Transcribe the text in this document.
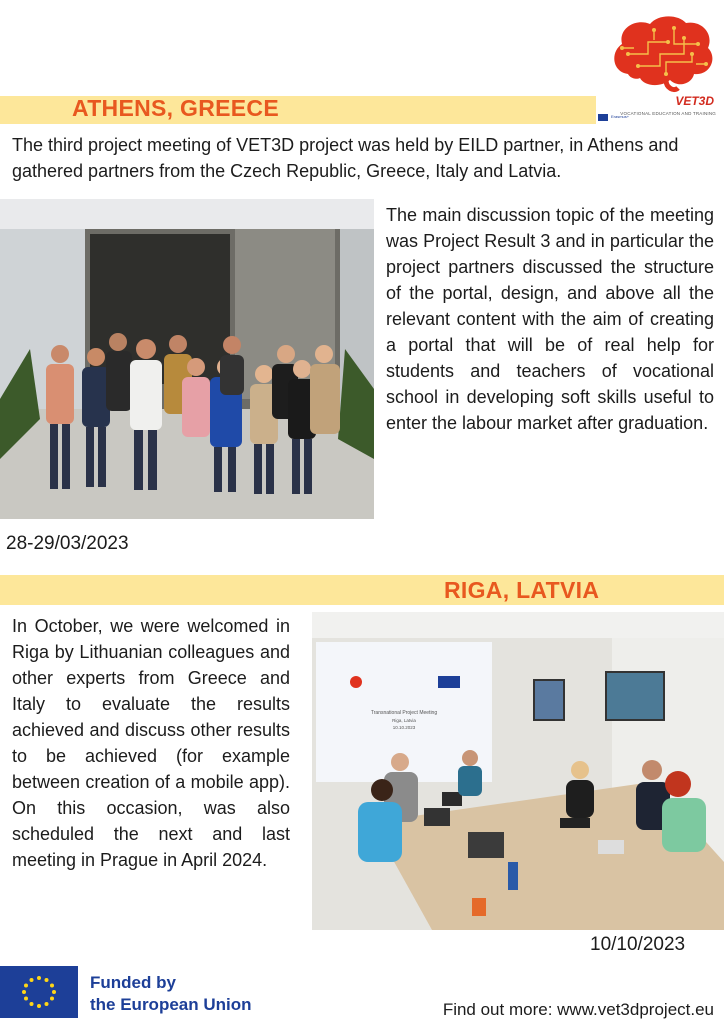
Erasmus+
VET3D
VOCATIONAL EDUCATION AND TRAINING
ATHENS, GREECE
The third project meeting of VET3D project was held by EILD partner, in Athens and gathered partners from the Czech Republic, Greece, Italy and Latvia.
The main discussion topic of the meeting was Project Result 3 and in particular the project partners discussed the structure of the portal, design, and above all the relevant content with the aim of creating a portal that will be of real help for students and teachers of vocational school in developing soft skills useful to enter the labour market after graduation.
28-29/03/2023
RIGA, LATVIA
In October, we were welcomed in Riga by Lithuanian colleagues and other experts from Greece and Italy to evaluate the results achieved and discuss other results to be achieved (for example between creation of a mobile app). On this occasion, was also scheduled the next and last meeting in Prague in April 2024.
Transnational Project Meeting
Riga, Latvia
10.10.2023
10/10/2023
Funded by
the European Union	Find out more: www.vet3dproject.eu
